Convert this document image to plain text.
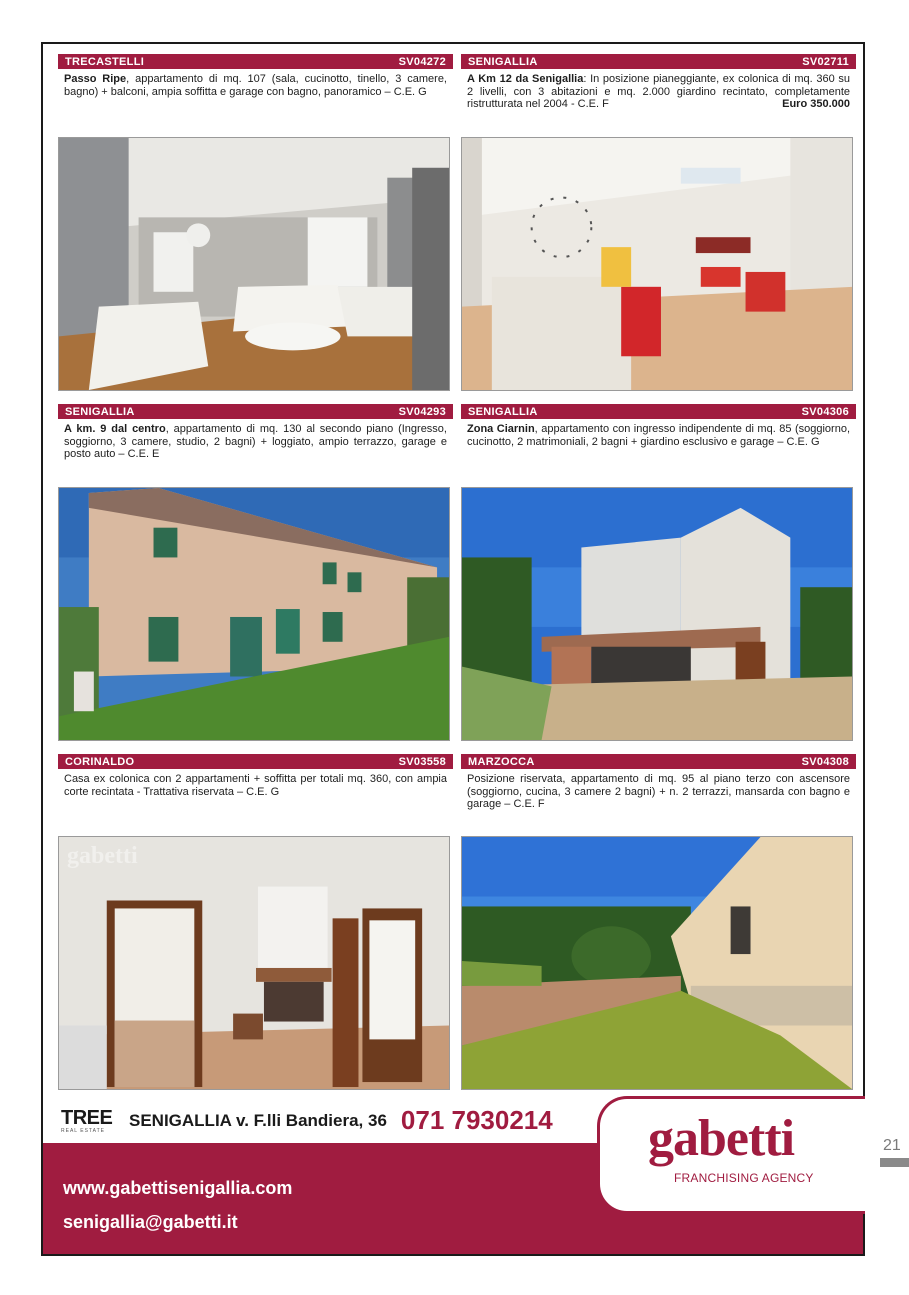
TRECASTELLI	SV04272
Passo Ripe, appartamento di mq. 107 (sala, cucinotto, tinello, 3 camere, bagno) + balconi, ampia soffitta e garage con bagno, panoramico – C.E. G
SENIGALLIA	SV02711
A Km 12 da Senigallia: In posizione pianeggiante, ex colonica di mq. 360 su 2 livelli, con 3 abitazioni e mq. 2.000 giardino recintato, completamente ristrutturata nel 2004 - C.E. F	Euro 350.000
SENIGALLIA	SV04293
A km. 9 dal centro, appartamento di mq. 130 al secondo piano (Ingresso, soggiorno, 3 camere, studio, 2 bagni) + loggiato, ampio terrazzo, garage e posto auto – C.E. E
SENIGALLIA	SV04306
Zona Ciarnin, appartamento con ingresso indipendente di mq. 85 (soggiorno, cucinotto, 2 matrimoniali, 2 bagni + giardino esclusivo e garage – C.E. G
CORINALDO	SV03558
Casa ex colonica con 2 appartamenti + soffitta per totali mq. 360, con ampia corte recintata - Trattativa riservata – C.E. G
MARZOCCA	SV04308
Posizione riservata, appartamento di mq. 95 al piano terzo con ascensore (soggiorno, cucina, 3 camere 2 bagni) + n. 2 terrazzi, mansarda con bagno e garage – C.E. F
gabetti
TREE
REAL ESTATE
SENIGALLIA v. F.lli Bandiera, 36 071 7930214
www.gabettisenigallia.com
senigallia@gabetti.it
gabetti
FRANCHISING AGENCY
21
